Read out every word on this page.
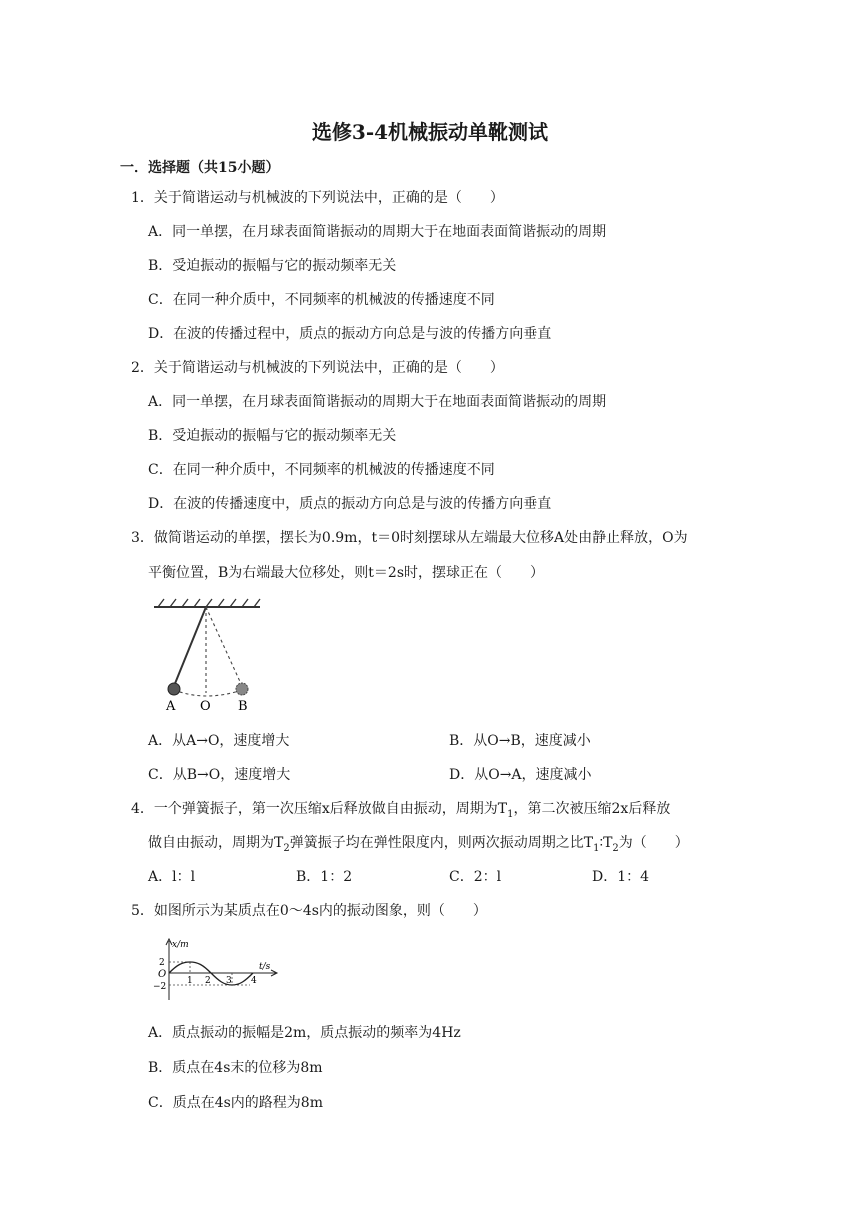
选修3-4机械振动单靴测试
一．选择题（共15小题）
1．关于简谐运动与机械波的下列说法中，正确的是（　　）
A．同一单摆，在月球表面简谐振动的周期大于在地面表面简谐振动的周期
B．受迫振动的振幅与它的振动频率无关
C．在同一种介质中，不同频率的机械波的传播速度不同
D．在波的传播过程中，质点的振动方向总是与波的传播方向垂直
2．关于简谐运动与机械波的下列说法中，正确的是（　　）
A．同一单摆，在月球表面简谐振动的周期大于在地面表面简谐振动的周期
B．受迫振动的振幅与它的振动频率无关
C．在同一种介质中，不同频率的机械波的传播速度不同
D．在波的传播速度中，质点的振动方向总是与波的传播方向垂直
3．做简谐运动的单摆，摆长为0.9m，t＝0时刻摆球从左端最大位移A处由静止释放，O为
平衡位置，B为右端最大位移处，则t＝2s时，摆球正在（　　）
A O B
A．从A→O，速度增大	B．从O→B，速度减小
C．从B→O，速度增大	D．从O→A，速度减小
4．一个弹簧振子，第一次压缩x后释放做自由振动，周期为$T_1$，第二次被压缩2x后释放
做自由振动，周期为$T_2$弹簧振子均在弹性限度内，则两次振动周期之比$T_1∶T_2$为（　　）
A．l：l	B．1：2	C．2：l	D．1：4
5．如图所示为某质点在0～4s内的振动图象，则（　　）
x/m
t/s
O
2
−2
1 2 3 4
A．质点振动的振幅是2m，质点振动的频率为4Hz
B．质点在4s末的位移为8m
C．质点在4s内的路程为8m
